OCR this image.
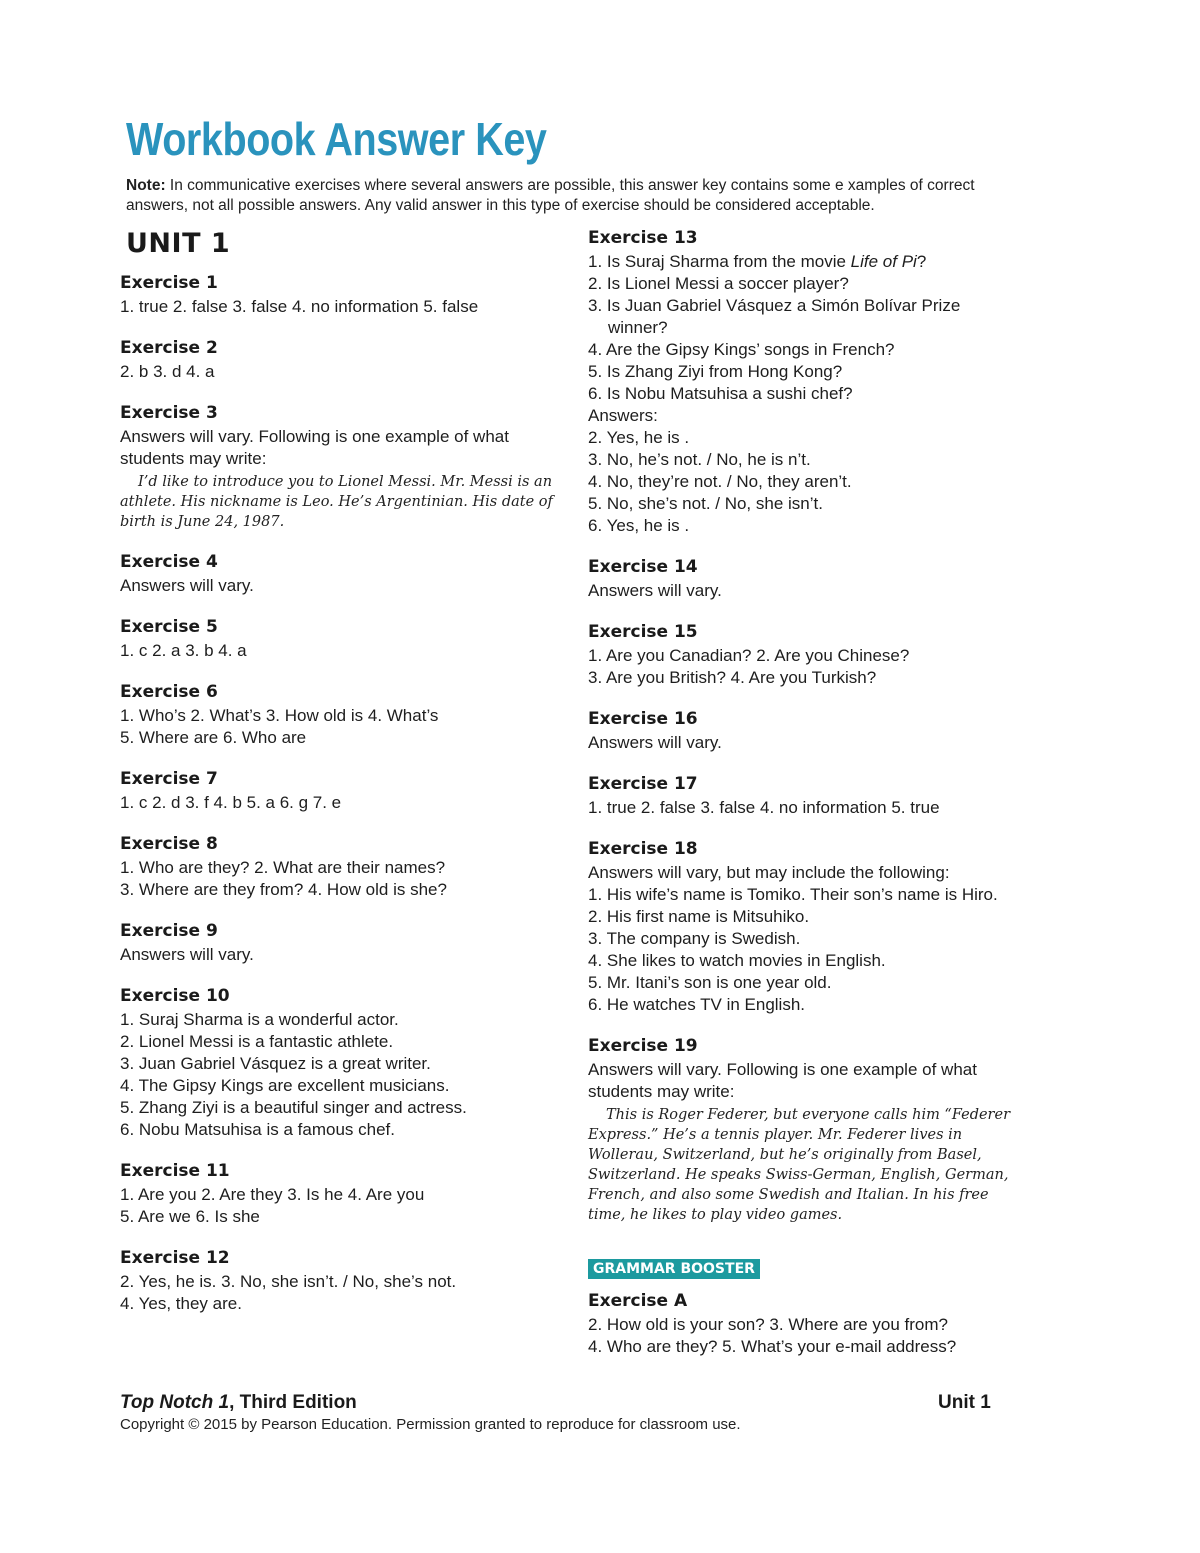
Workbook Answer Key
Note: In communicative exercises where several answers are possible, this answer key contains some e xamples of correct answers, not all possible answers. Any valid answer in this type of exercise should be considered acceptable.
UNIT 1
Exercise 1
1. true 2. false 3. false 4. no information 5. false
Exercise 2
2. b 3. d 4. a
Exercise 3
Answers will vary. Following is one example of what students may write:
I’d like to introduce you to Lionel Messi. Mr. Messi is an athlete. His nickname is Leo. He’s Argentinian. His date of birth is June 24, 1987.
Exercise 4
Answers will vary.
Exercise 5
1. c 2. a 3. b 4. a
Exercise 6
1. Who’s 2. What’s 3. How old is 4. What’s
5. Where are 6. Who are
Exercise 7
1. c 2. d 3. f 4. b 5. a 6. g 7. e
Exercise 8
1. Who are they? 2. What are their names?
3. Where are they from? 4. How old is she?
Exercise 9
Answers will vary.
Exercise 10
1. Suraj Sharma is a wonderful actor.
2. Lionel Messi is a fantastic athlete.
3. Juan Gabriel Vásquez is a great writer.
4. The Gipsy Kings are excellent musicians.
5. Zhang Ziyi is a beautiful singer and actress.
6. Nobu Matsuhisa is a famous chef.
Exercise 11
1. Are you 2. Are they 3. Is he 4. Are you
5. Are we 6. Is she
Exercise 12
2. Yes, he is. 3. No, she isn’t. / No, she’s not.
4. Yes, they are.
Exercise 13
1. Is Suraj Sharma from the movie Life of Pi?
2. Is Lionel Messi a soccer player?
3. Is Juan Gabriel Vásquez a Simón Bolívar Prize
winner?
4. Are the Gipsy Kings’ songs in French?
5. Is Zhang Ziyi from Hong Kong?
6. Is Nobu Matsuhisa a sushi chef?
Answers:
2. Yes, he is .
3. No, he’s not. / No, he is n’t.
4. No, they’re not. / No, they aren’t.
5. No, she’s not. / No, she isn’t.
6. Yes, he is .
Exercise 14
Answers will vary.
Exercise 15
1. Are you Canadian? 2. Are you Chinese?
3. Are you British? 4. Are you Turkish?
Exercise 16
Answers will vary.
Exercise 17
1. true 2. false 3. false 4. no information 5. true
Exercise 18
Answers will vary, but may include the following:
1. His wife’s name is Tomiko. Their son’s name is Hiro.
2. His first name is Mitsuhiko.
3. The company is Swedish.
4. She likes to watch movies in English.
5. Mr. Itani’s son is one year old.
6. He watches TV in English.
Exercise 19
Answers will vary. Following is one example of what students may write:
This is Roger Federer, but everyone calls him “Federer Express.” He’s a tennis player. Mr. Federer lives in Wollerau, Switzerland, but he’s originally from Basel, Switzerland. He speaks Swiss-German, English, German, French, and also some Swedish and Italian. In his free time, he likes to play video games.
GRAMMAR BOOSTER
Exercise A
2. How old is your son? 3. Where are you from?
4. Who are they? 5. What’s your e-mail address?
Top Notch 1, Third Edition	Unit 1
Copyright © 2015 by Pearson Education. Permission granted to reproduce for classroom use.
